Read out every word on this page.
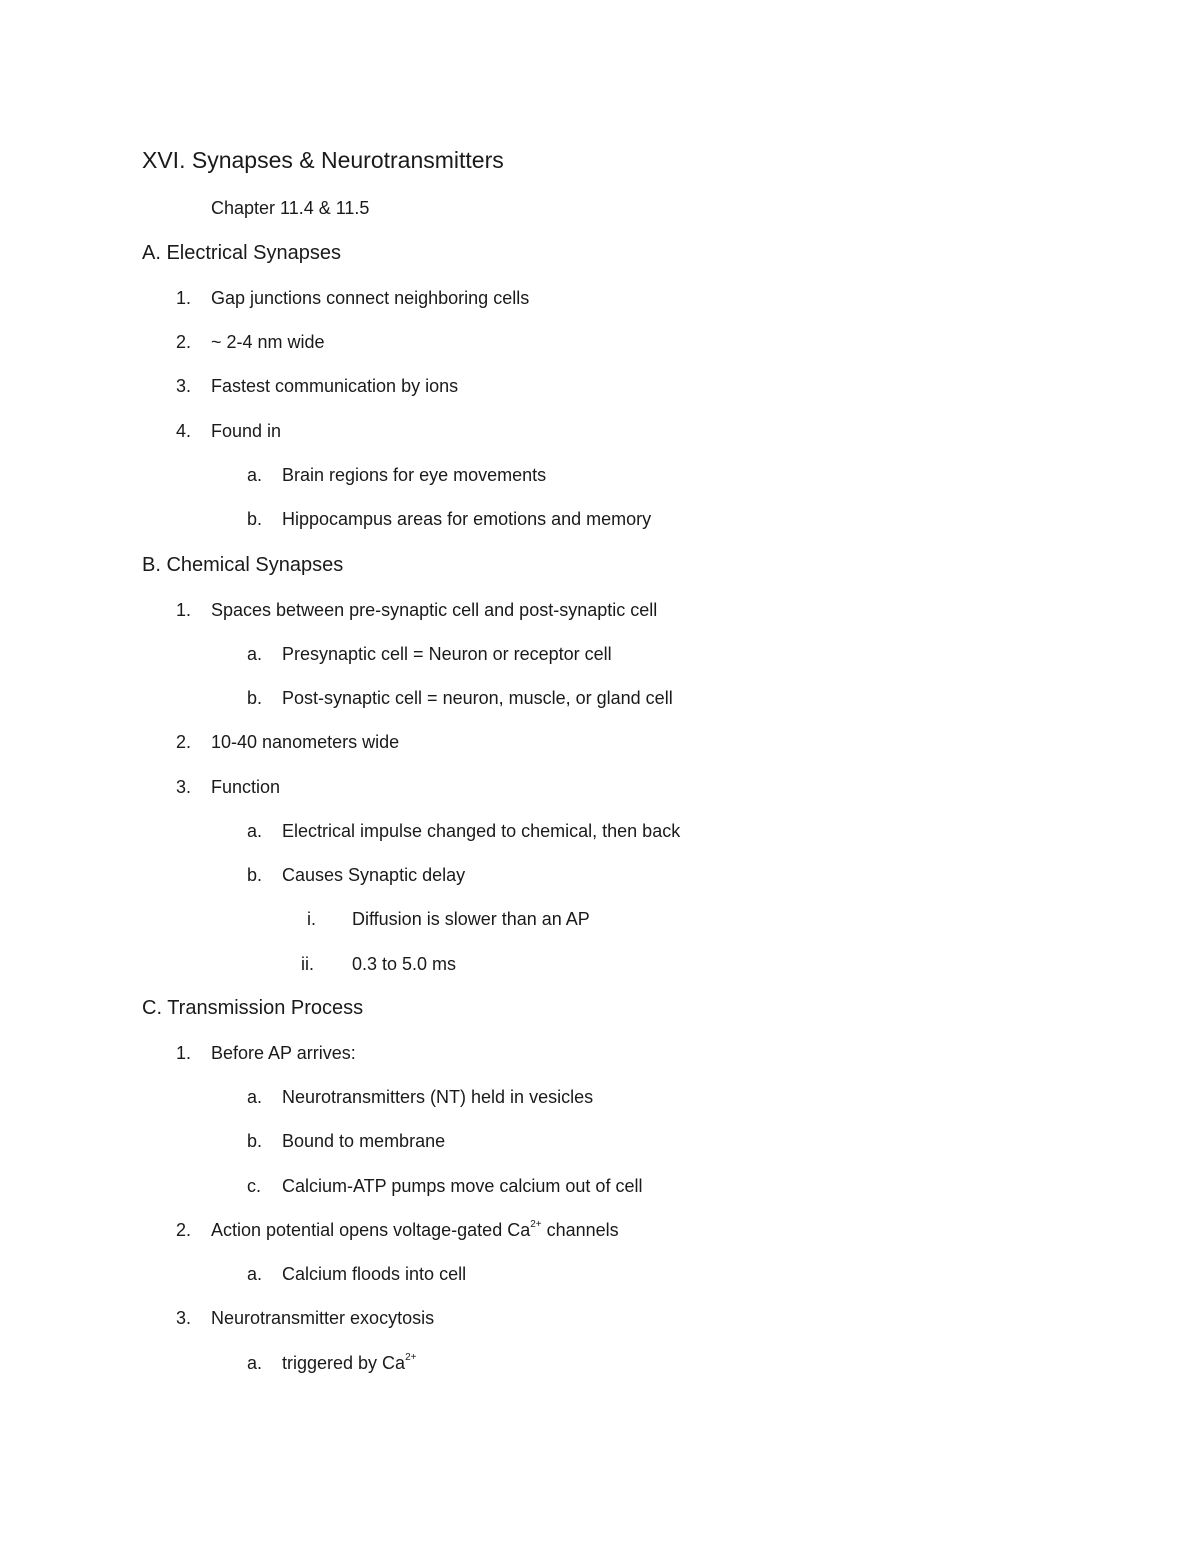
XVI. Synapses & Neurotransmitters
Chapter 11.4 & 11.5
A. Electrical Synapses
1. Gap junctions connect neighboring cells
2. ~ 2-4 nm wide
3. Fastest communication by ions
4. Found in
a. Brain regions for eye movements
b. Hippocampus areas for emotions and memory
B. Chemical Synapses
1. Spaces between pre-synaptic cell and post-synaptic cell
a. Presynaptic cell = Neuron or receptor cell
b. Post-synaptic cell = neuron, muscle, or gland cell
2. 10-40 nanometers wide
3. Function
a. Electrical impulse changed to chemical, then back
b. Causes Synaptic delay
i. Diffusion is slower than an AP
ii. 0.3 to 5.0 ms
C. Transmission Process
1. Before AP arrives:
a. Neurotransmitters (NT) held in vesicles
b. Bound to membrane
c. Calcium-ATP pumps move calcium out of cell
2. Action potential opens voltage-gated $Ca^{2+}$ channels
a. Calcium floods into cell
3. Neurotransmitter exocytosis
a. triggered by $Ca^{2+}$
